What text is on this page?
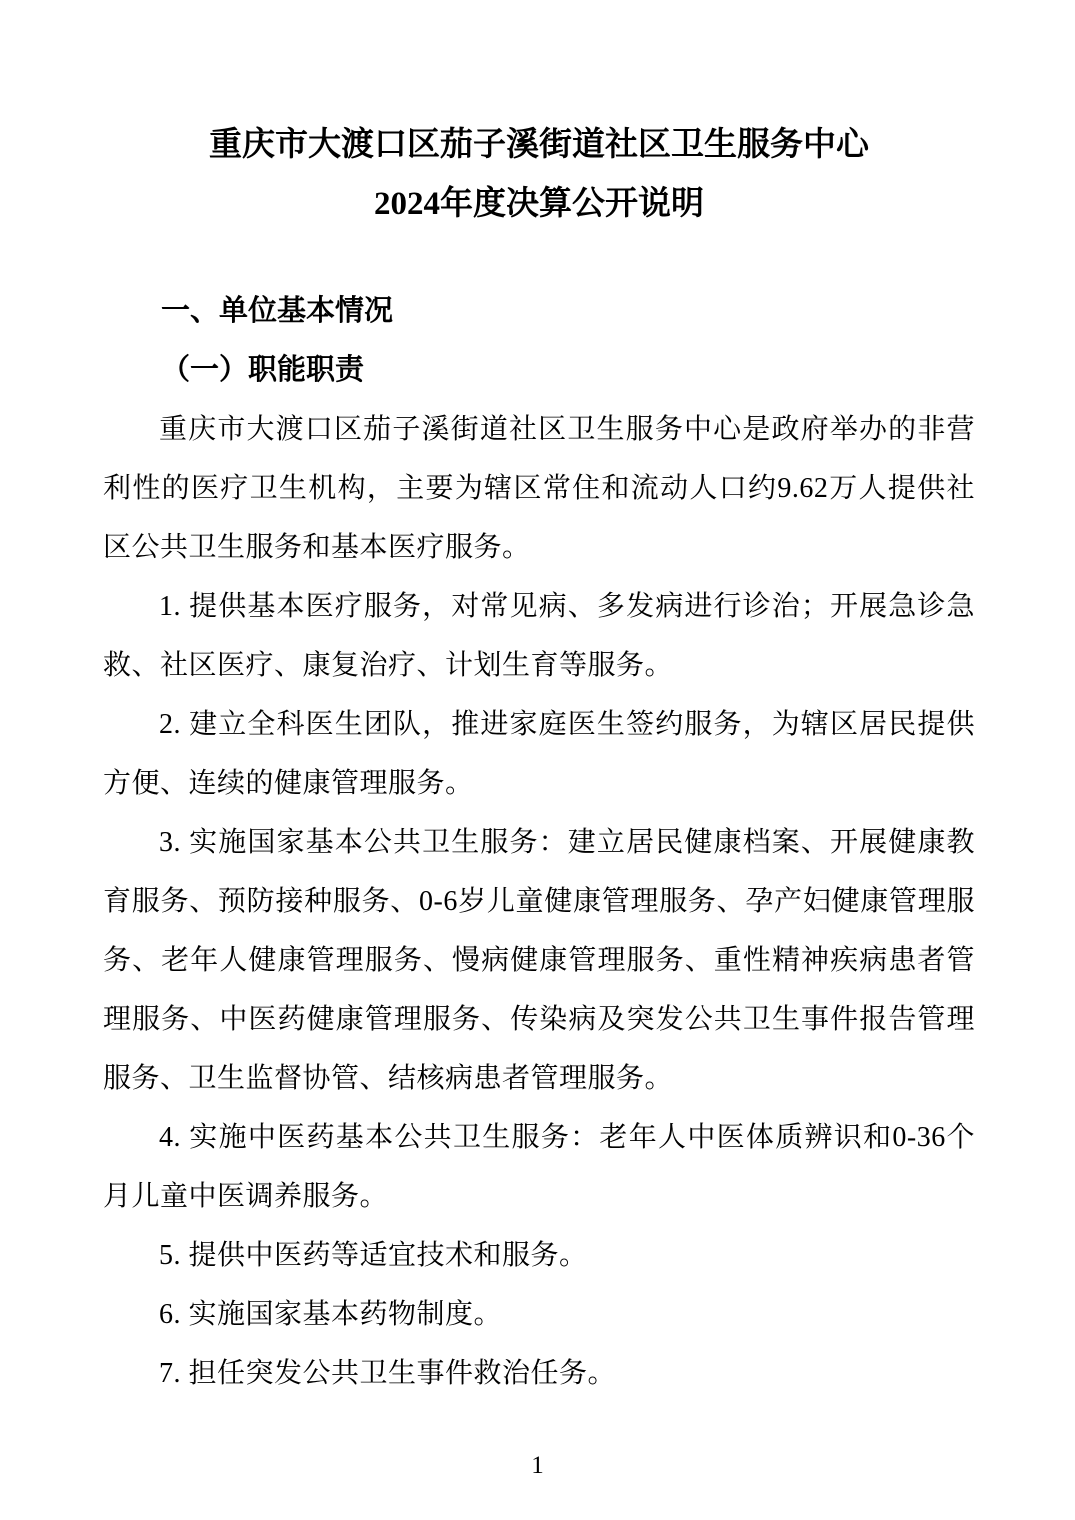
重庆市大渡口区茄子溪街道社区卫生服务中心
2024年度决算公开说明
一、单位基本情况
（一）职能职责

重庆市大渡口区茄子溪街道社区卫生服务中心是政府举办的非营利性的医疗卫生机构，主要为辖区常住和流动人口约9.62万人提供社区公共卫生服务和基本医疗服务。

1. 提供基本医疗服务，对常见病、多发病进行诊治；开展急诊急救、社区医疗、康复治疗、计划生育等服务。

2. 建立全科医生团队，推进家庭医生签约服务，为辖区居民提供方便、连续的健康管理服务。

3. 实施国家基本公共卫生服务：建立居民健康档案、开展健康教育服务、预防接种服务、0-6岁儿童健康管理服务、孕产妇健康管理服务、老年人健康管理服务、慢病健康管理服务、重性精神疾病患者管理服务、中医药健康管理服务、传染病及突发公共卫生事件报告管理服务、卫生监督协管、结核病患者管理服务。

4. 实施中医药基本公共卫生服务：老年人中医体质辨识和0-36个月儿童中医调养服务。

5. 提供中医药等适宜技术和服务。

6. 实施国家基本药物制度。

7. 担任突发公共卫生事件救治任务。

1
